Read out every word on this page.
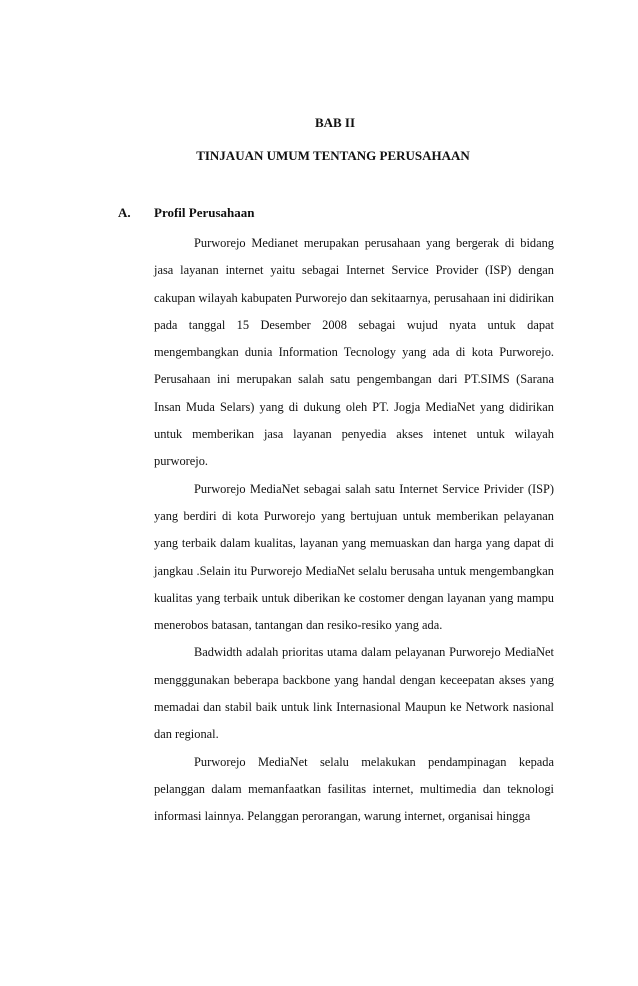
BAB II
TINJAUAN UMUM TENTANG PERUSAHAAN
A. Profil Perusahaan

Purworejo Medianet merupakan perusahaan yang bergerak di bidang jasa layanan internet yaitu sebagai Internet Service Provider (ISP) dengan cakupan wilayah kabupaten Purworejo dan sekitaarnya, perusahaan ini didirikan pada tanggal 15 Desember 2008 sebagai wujud nyata untuk dapat mengembangkan dunia Information Tecnology yang ada di kota Purworejo. Perusahaan ini merupakan salah satu pengembangan dari PT.SIMS (Sarana Insan Muda Selars) yang di dukung oleh PT. Jogja MediaNet yang didirikan untuk memberikan jasa layanan penyedia akses intenet untuk wilayah purworejo.

Purworejo MediaNet sebagai salah satu Internet Service Privider (ISP) yang berdiri di kota Purworejo yang bertujuan untuk memberikan pelayanan yang terbaik dalam kualitas, layanan yang memuaskan dan harga yang dapat di jangkau .Selain itu Purworejo MediaNet selalu berusaha untuk mengembangkan kualitas yang terbaik untuk diberikan ke costomer dengan layanan yang mampu menerobos batasan, tantangan dan resiko-resiko yang ada.

Badwidth adalah prioritas utama dalam pelayanan Purworejo MediaNet mengggunakan beberapa backbone yang handal dengan keceepatan akses yang memadai dan stabil baik untuk link Internasional Maupun ke Network nasional dan regional.

Purworejo MediaNet selalu melakukan pendampinagan kepada pelanggan dalam memanfaatkan fasilitas internet, multimedia dan teknologi informasi lainnya. Pelanggan perorangan, warung internet, organisai hingga
